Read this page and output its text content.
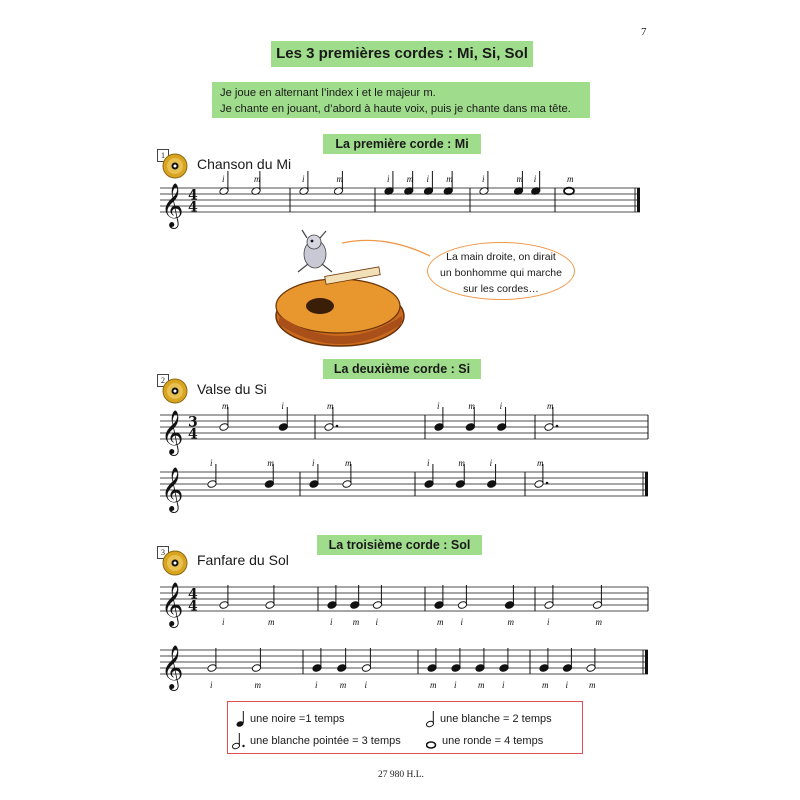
7
Les 3 premières cordes : Mi, Si, Sol
Je joue en alternant l’index i et le majeur m.
Je chante en jouant, d’abord à haute voix, puis je chante dans ma tête.
La première corde : Mi
1
Chanson du Mi
La deuxième corde : Si
2
Valse du Si
La troisième corde : Sol
3 Fanfare du Sol
La main droite, on dirait
un bonhomme qui marche
sur les cordes…
𝄞 4
4
i	m	i	m	i m i m	i	m i	m
𝄞 3
4
m	i	m	i	m	i	m
𝄞
i	m	i	m	i	m	i	m
𝄞 4
4
i	m	i m i	m i	m	i	m
𝄞	i	m	i m i	m i m i	m i m
une noire =1 temps	une blanche = 2 temps
une blanche pointée = 3 temps	une ronde = 4 temps
27 980 H.L.
